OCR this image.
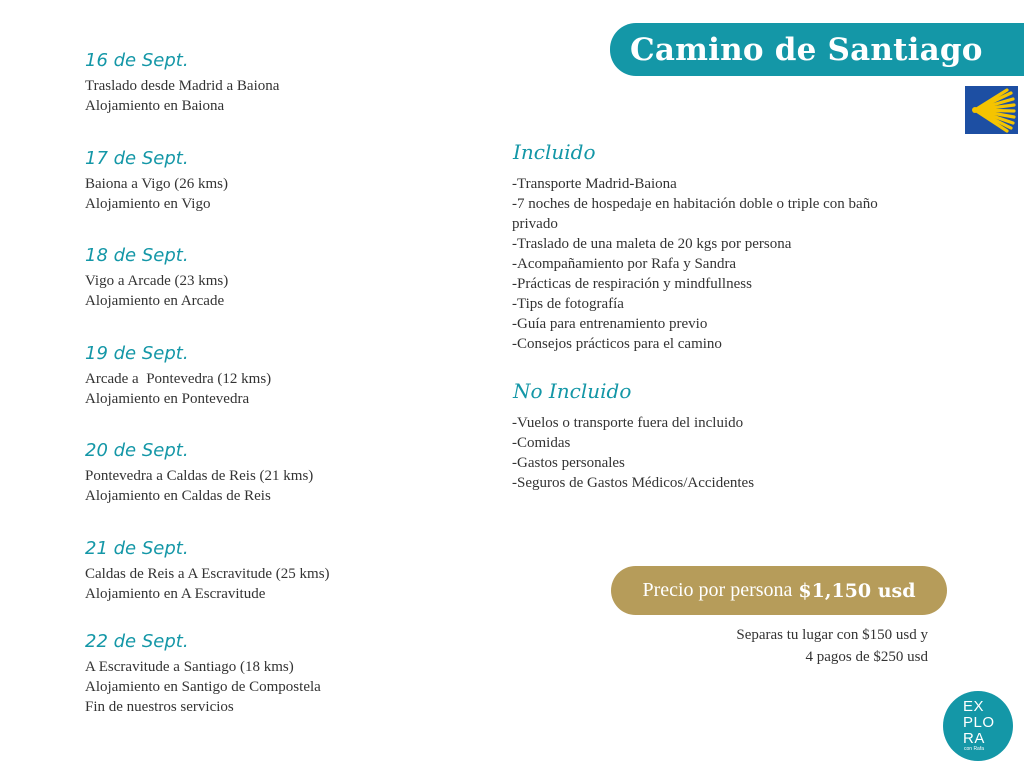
Camino de Santiago
16 de Sept.
Traslado desde Madrid a Baiona
Alojamiento en Baiona
17 de Sept.
Baiona a Vigo (26 kms)
Alojamiento en Vigo
18 de Sept.
Vigo a Arcade (23 kms)
Alojamiento en Arcade
19 de Sept.
Arcade a  Pontevedra (12 kms)
Alojamiento en Pontevedra
20 de Sept.
Pontevedra a Caldas de Reis (21 kms)
Alojamiento en Caldas de Reis
21 de Sept.
Caldas de Reis a A Escravitude (25 kms)
Alojamiento en A Escravitude
22 de Sept.
A Escravitude a Santiago (18 kms)
Alojamiento en Santigo de Compostela
Fin de nuestros servicios
Incluido
-Transporte Madrid-Baiona
-7 noches de hospedaje en habitación doble o triple con baño privado
-Traslado de una maleta de 20 kgs por persona
-Acompañamiento por Rafa y Sandra
-Prácticas de respiración y mindfullness
-Tips de fotografía
-Guía para entrenamiento previo
-Consejos prácticos para el camino
No Incluido
-Vuelos o transporte fuera del incluido
-Comidas
-Gastos personales
-Seguros de Gastos Médicos/Accidentes
Precio por persona $1,150 usd
Separas tu lugar con $150 usd y
4 pagos de $250 usd
EX
PLO
RA
con Rafa
